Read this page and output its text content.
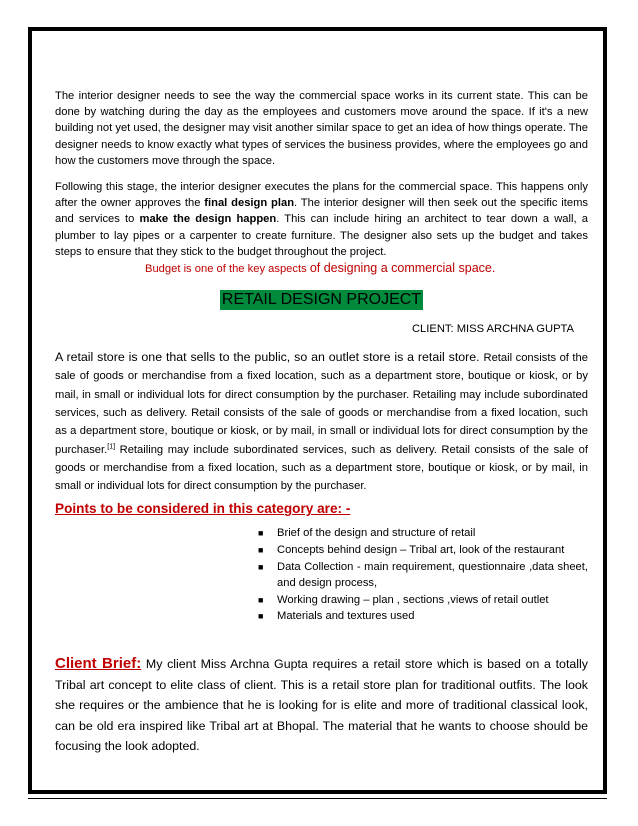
The interior designer needs to see the way the commercial space works in its current state. This can be done by watching during the day as the employees and customers move around the space. If it's a new building not yet used, the designer may visit another similar space to get an idea of how things operate. The designer needs to know exactly what types of services the business provides, where the employees go and how the customers move through the space.

Following this stage, the interior designer executes the plans for the commercial space. This happens only after the owner approves the final design plan. The interior designer will then seek out the specific items and services to make the design happen. This can include hiring an architect to tear down a wall, a plumber to lay pipes or a carpenter to create furniture. The designer also sets up the budget and takes steps to ensure that they stick to the budget throughout the project.

Budget is one of the key aspects of designing a commercial space.

RETAIL DESIGN PROJECT

CLIENT: MISS ARCHNA GUPTA

A retail store is one that sells to the public, so an outlet store is a retail store. Retail consists of the sale of goods or merchandise from a fixed location, such as a department store, boutique or kiosk, or by mail, in small or individual lots for direct consumption by the purchaser. Retailing may include subordinated services, such as delivery. Retail consists of the sale of goods or merchandise from a fixed location, such as a department store, boutique or kiosk, or by mail, in small or individual lots for direct consumption by the purchaser.[1] Retailing may include subordinated services, such as delivery. Retail consists of the sale of goods or merchandise from a fixed location, such as a department store, boutique or kiosk, or by mail, in small or individual lots for direct consumption by the purchaser.

Points to be considered in this category are: -

■ Brief of the design and structure of retail
■ Concepts behind design – Tribal art, look of the restaurant
■ Data Collection - main requirement, questionnaire ,data sheet, and design process,
■ Working drawing – plan , sections ,views of retail outlet
■ Materials and textures used

Client Brief: My client Miss Archna Gupta requires a retail store which is based on a totally Tribal art concept to elite class of client. This is a retail store plan for traditional outfits. The look she requires or the ambience that he is looking for is elite and more of traditional classical look, can be old era inspired like Tribal art at Bhopal. The material that he wants to choose should be focusing the look adopted.
